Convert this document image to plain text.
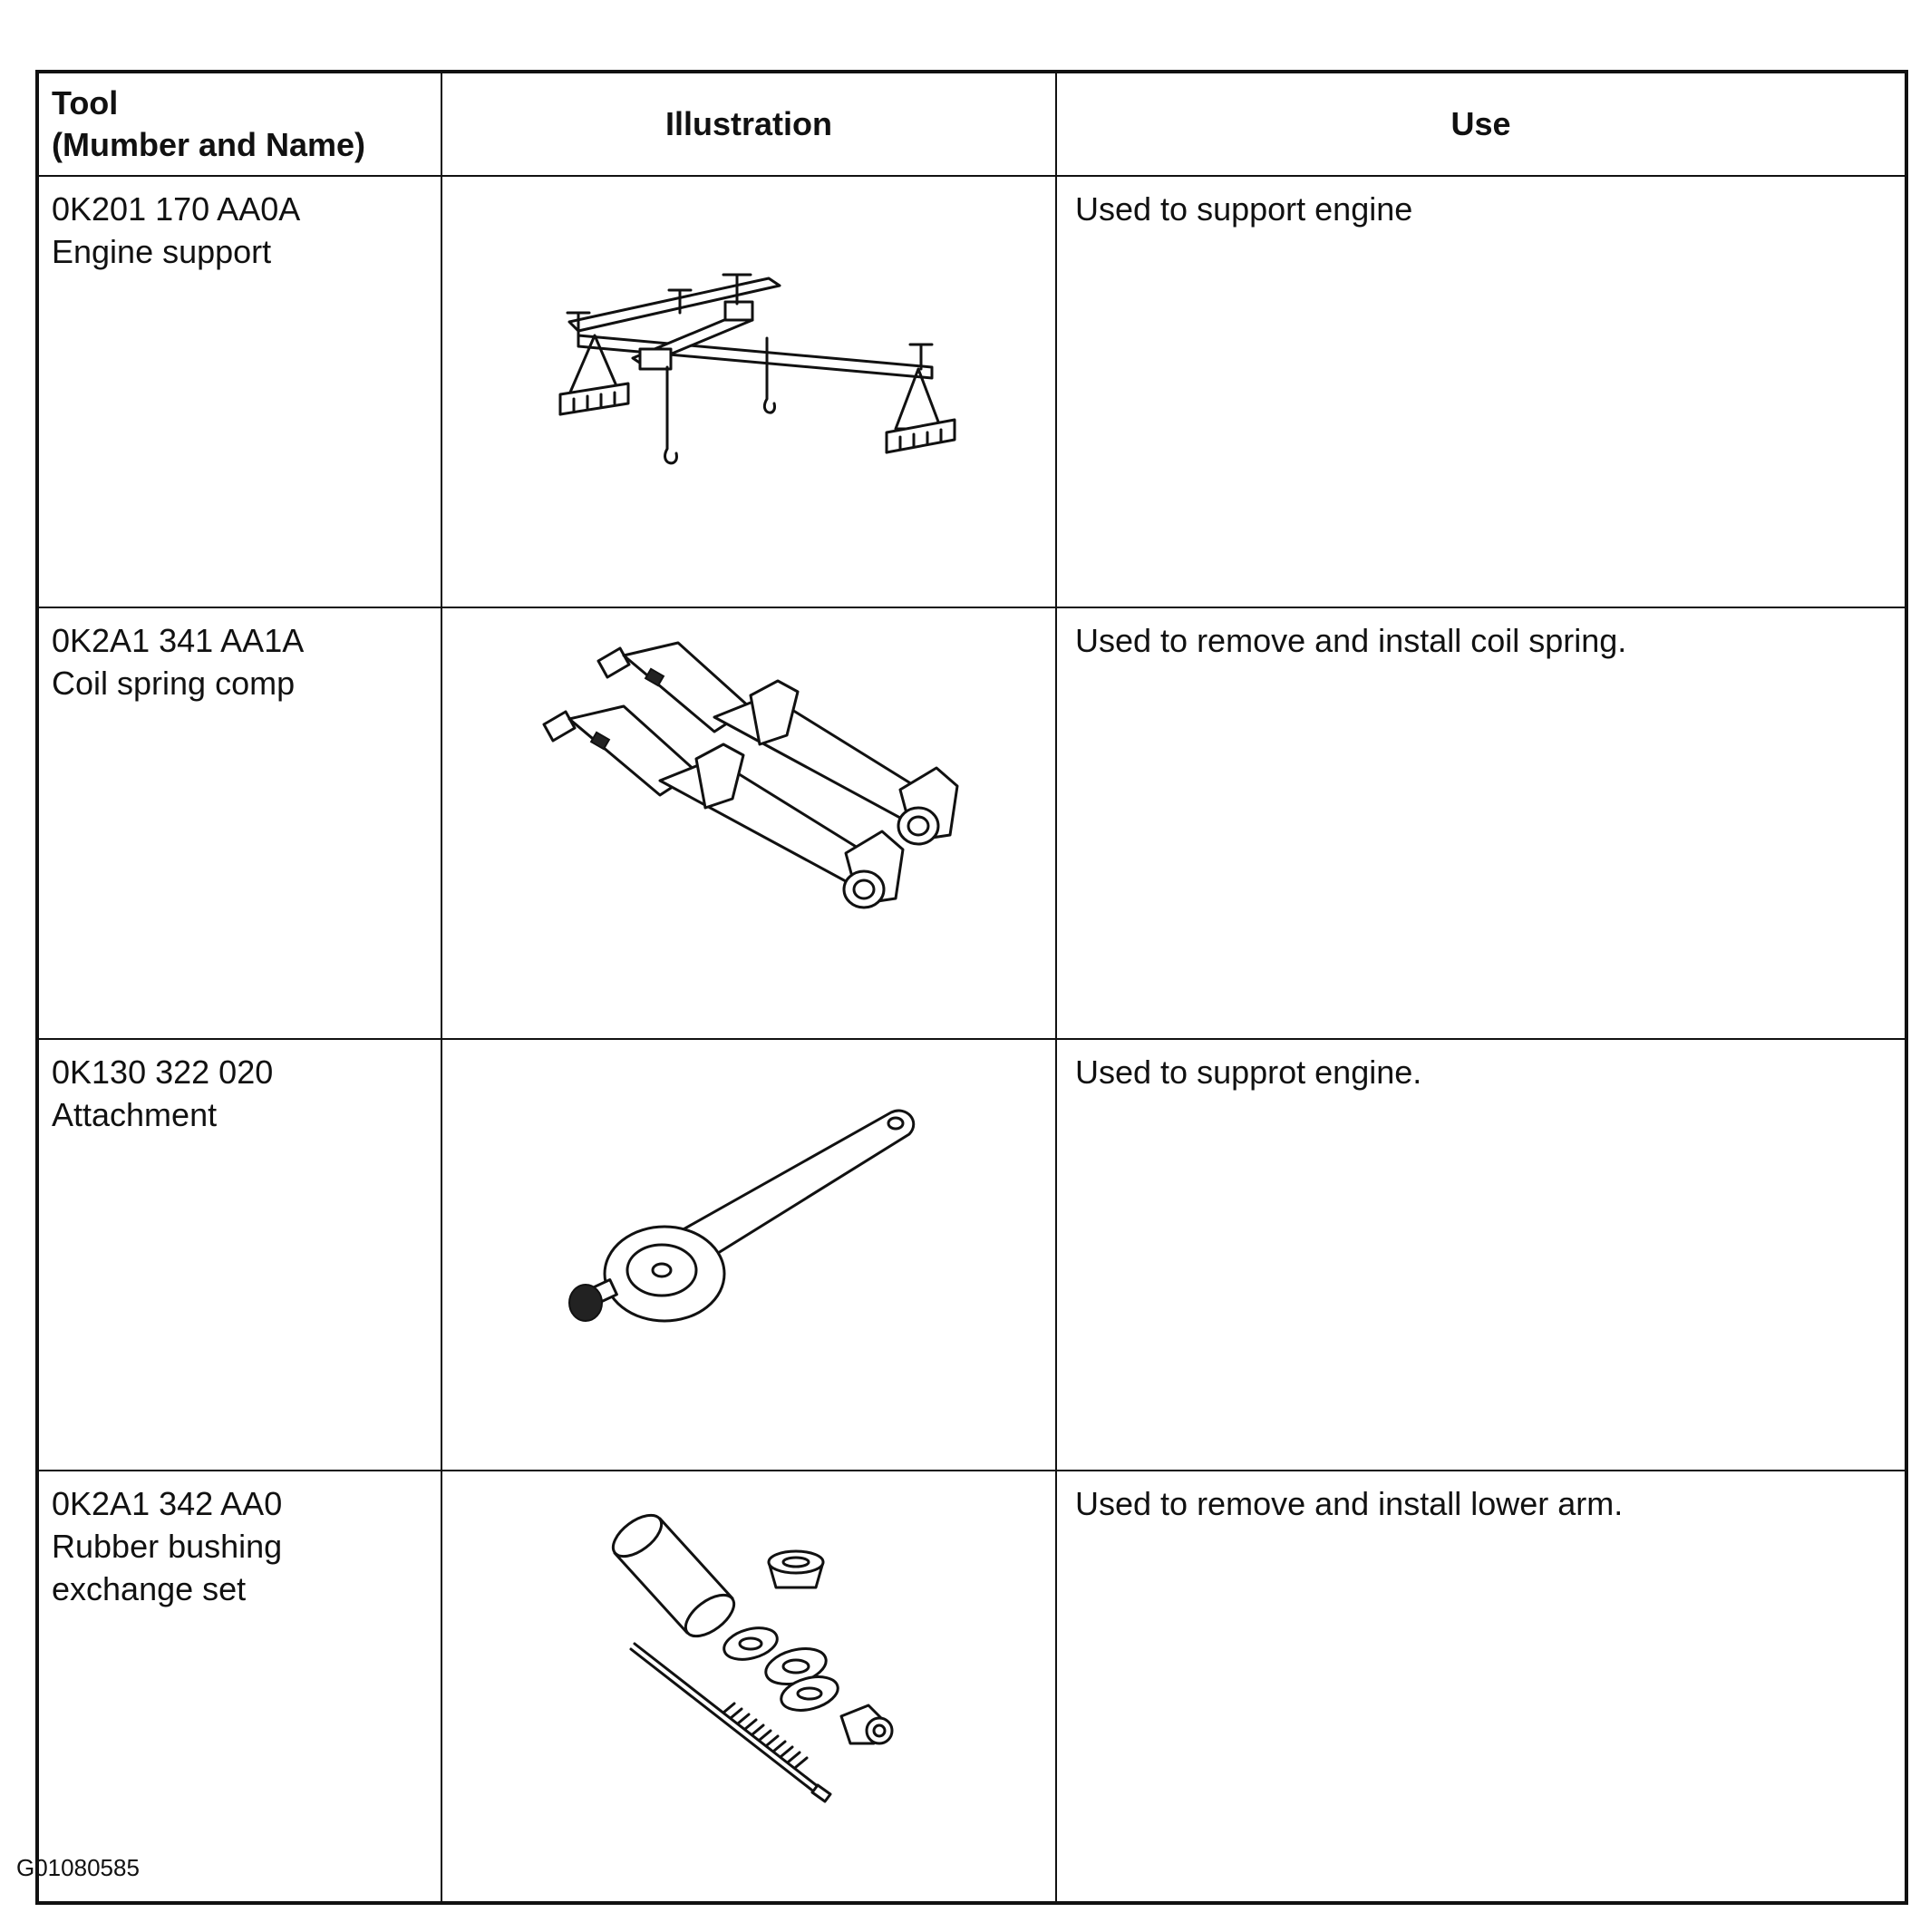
Tool
(Mumber and Name)	Illustration	Use

0K201 170 AA0A
Engine support		Used to support engine

0K2A1 341 AA1A
Coil spring comp		Used to remove and install coil spring.

0K130 322 020
Attachment		Used to supprot engine.

0K2A1 342 AA0
Rubber bushing
exchange set		Used to remove and install lower arm.
G01080585
